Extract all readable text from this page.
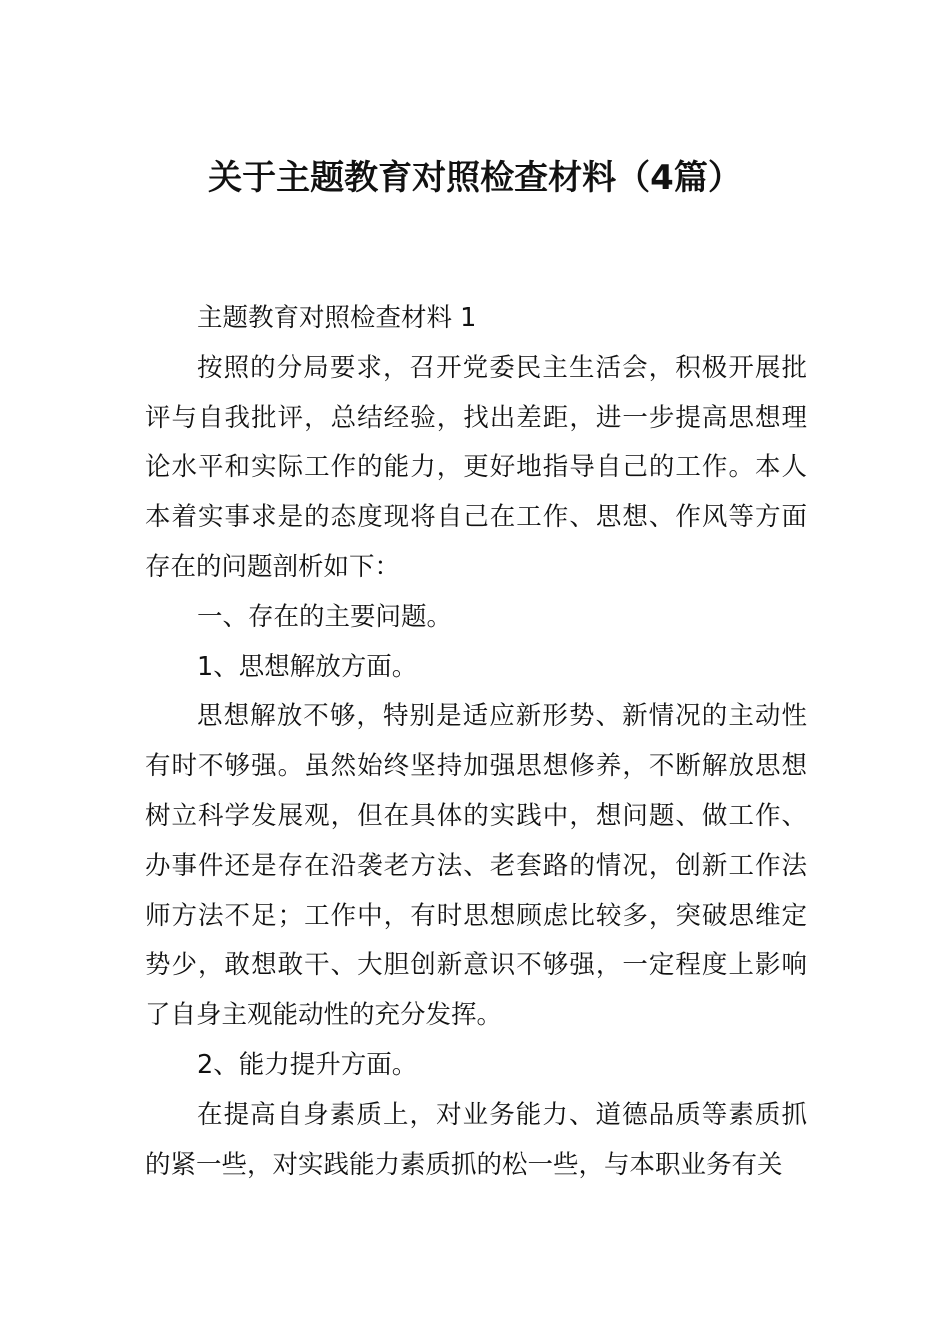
关于主题教育对照检查材料（4篇）

主题教育对照检查材料 1

按照的分局要求，召开党委民主生活会，积极开展批评与自我批评，总结经验，找出差距，进一步提高思想理论水平和实际工作的能力，更好地指导自己的工作。本人本着实事求是的态度现将自己在工作、思想、作风等方面存在的问题剖析如下：

一、存在的主要问题。

1、思想解放方面。

思想解放不够，特别是适应新形势、新情况的主动性有时不够强。虽然始终坚持加强思想修养，不断解放思想树立科学发展观，但在具体的实践中，想问题、做工作、办事件还是存在沿袭老方法、老套路的情况，创新工作法师方法不足；工作中，有时思想顾虑比较多，突破思维定势少，敢想敢干、大胆创新意识不够强，一定程度上影响了自身主观能动性的充分发挥。

2、能力提升方面。

在提高自身素质上，对业务能力、道德品质等素质抓的紧一些，对实践能力素质抓的松一些，与本职业务有关
